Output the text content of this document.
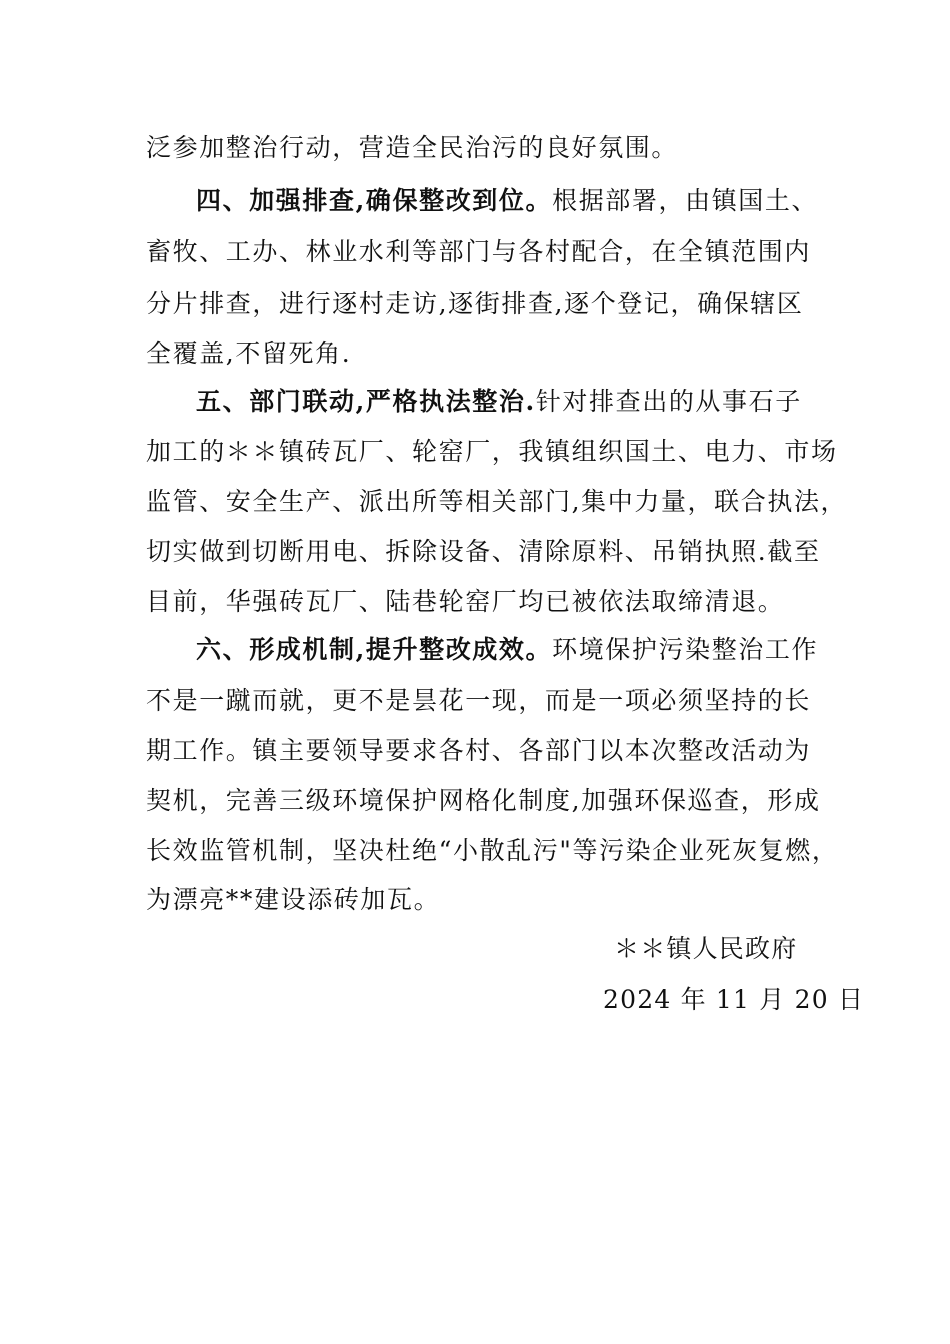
泛参加整治行动，营造全民治污的良好氛围。
四、加强排查,确保整改到位。根据部署，由镇国土、
畜牧、工办、林业水利等部门与各村配合，在全镇范围内
分片排查，进行逐村走访,逐街排查,逐个登记，确保辖区
全覆盖,不留死角.
五、部门联动,严格执法整治.针对排查出的从事石子
加工的＊＊镇砖瓦厂、轮窑厂，我镇组织国土、电力、市场
监管、安全生产、派出所等相关部门,集中力量，联合执法，
切实做到切断用电、拆除设备、清除原料、吊销执照.截至
目前，华强砖瓦厂、陆巷轮窑厂均已被依法取缔清退。
六、形成机制,提升整改成效。环境保护污染整治工作
不是一蹴而就，更不是昙花一现，而是一项必须坚持的长
期工作。镇主要领导要求各村、各部门以本次整改活动为
契机，完善三级环境保护网格化制度,加强环保巡查，形成
长效监管机制，坚决杜绝“小散乱污"等污染企业死灰复燃，
为漂亮**建设添砖加瓦。
＊＊镇人民政府
2024 年 11 月 20 日
